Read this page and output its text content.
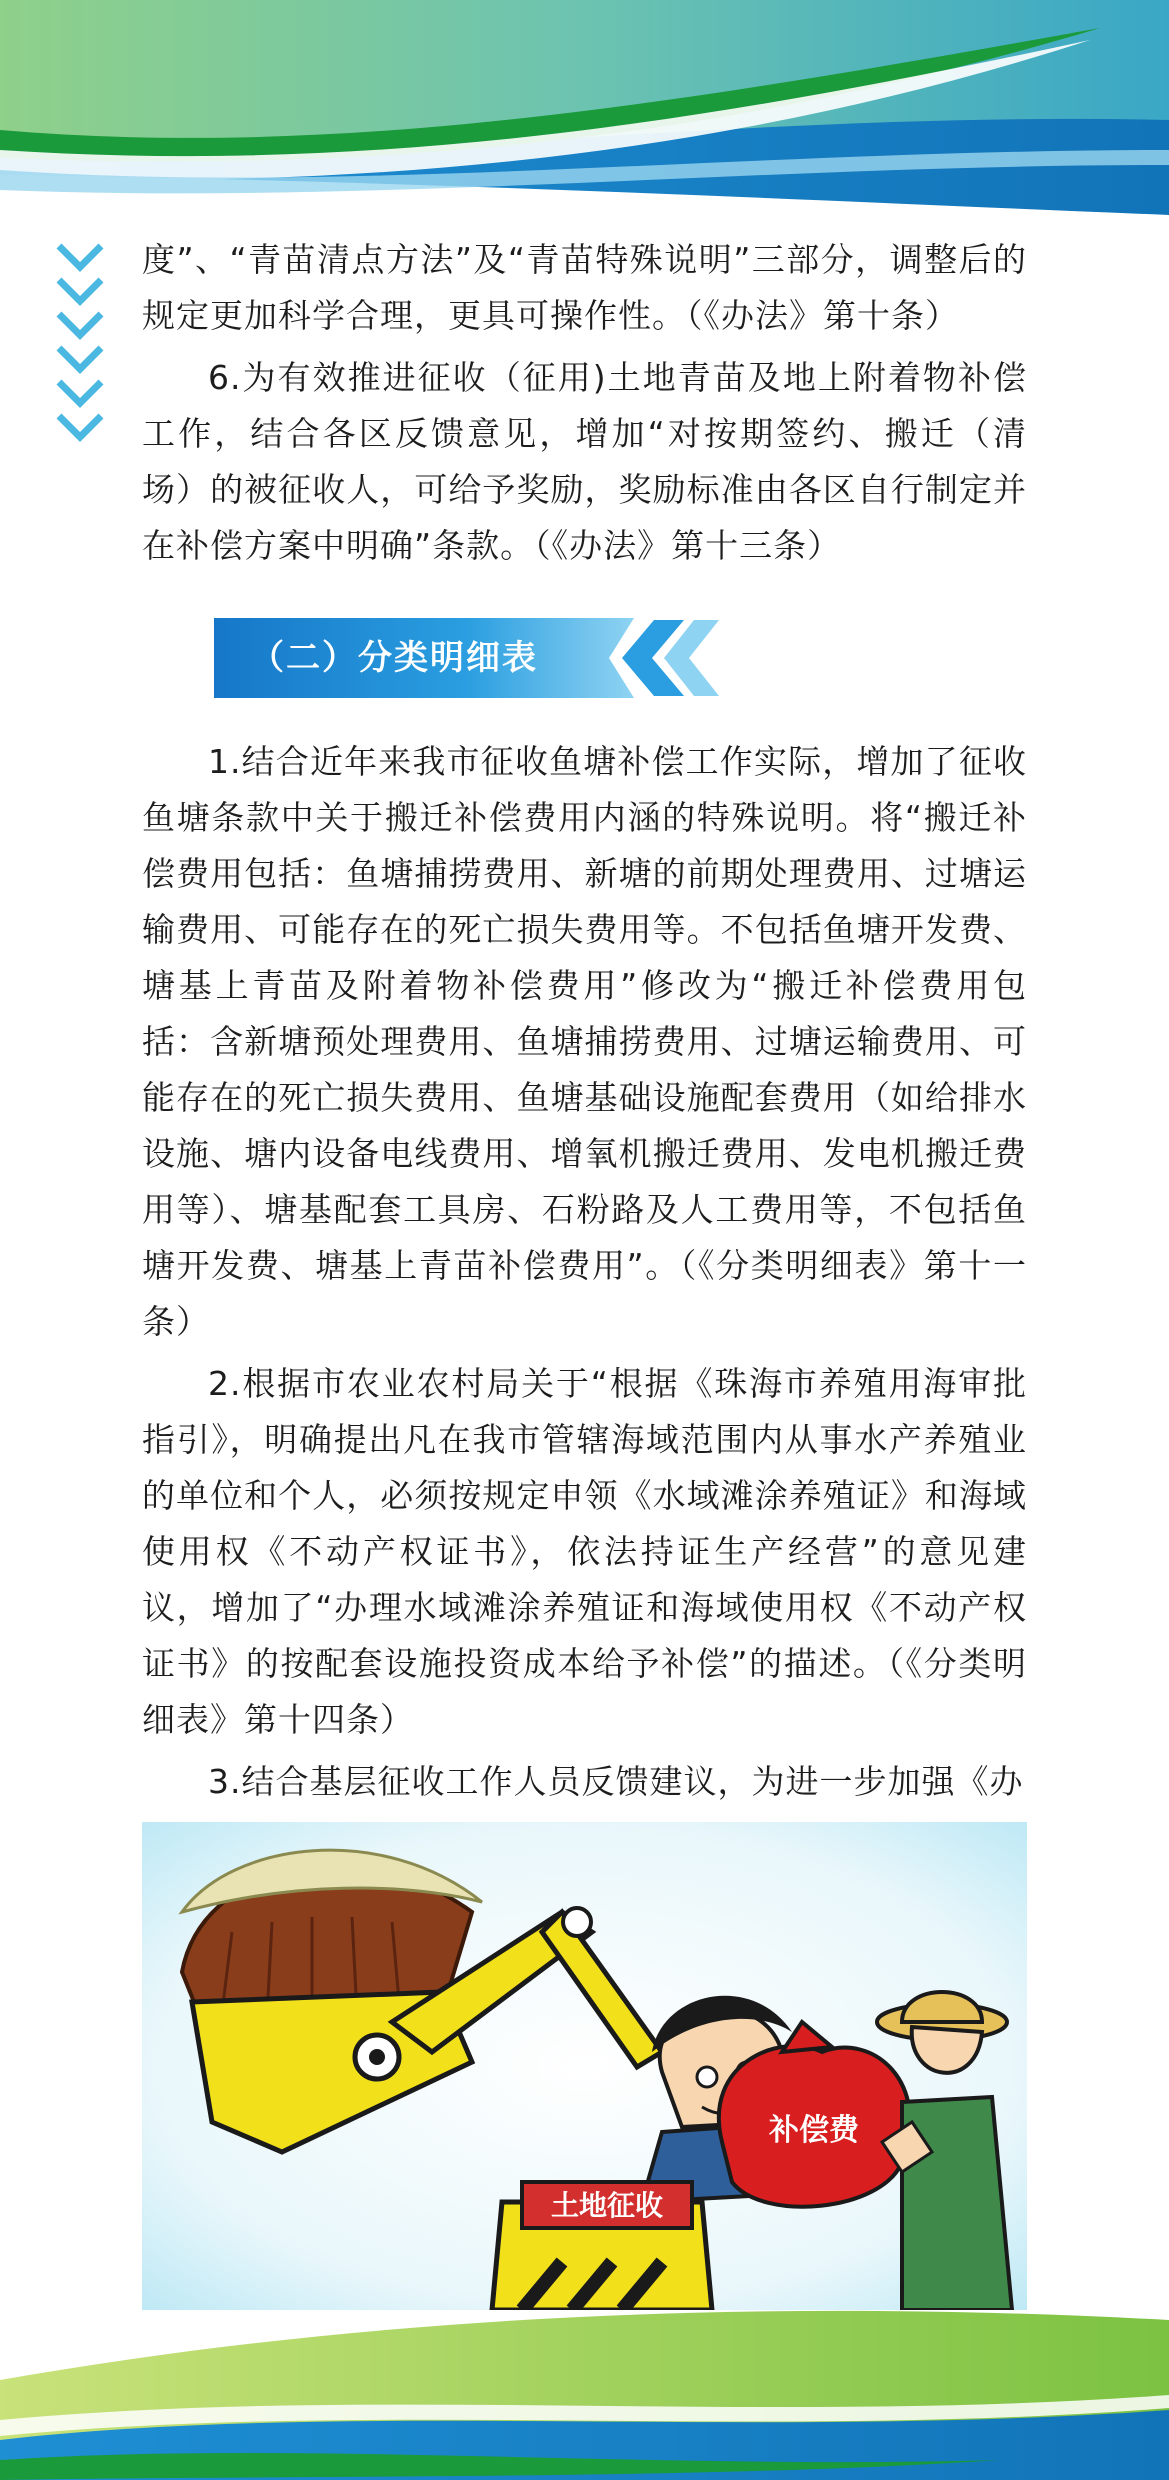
度”、“青苗清点方法”及“青苗特殊说明”三部分，调整后的规定更加科学合理，更具可操作性。（《办法》第十条）

6.为有效推进征收（征用)土地青苗及地上附着物补偿工作，结合各区反馈意见，增加“对按期签约、搬迁（清场）的被征收人，可给予奖励，奖励标准由各区自行制定并在补偿方案中明确”条款。（《办法》第十三条）

（二）分类明细表

1.结合近年来我市征收鱼塘补偿工作实际，增加了征收鱼塘条款中关于搬迁补偿费用内涵的特殊说明。将“搬迁补偿费用包括：鱼塘捕捞费用、新塘的前期处理费用、过塘运输费用、可能存在的死亡损失费用等。不包括鱼塘开发费、塘基上青苗及附着物补偿费用”修改为“搬迁补偿费用包括：含新塘预处理费用、鱼塘捕捞费用、过塘运输费用、可能存在的死亡损失费用、鱼塘基础设施配套费用（如给排水设施、塘内设备电线费用、增氧机搬迁费用、发电机搬迁费用等）、塘基配套工具房、石粉路及人工费用等，不包括鱼塘开发费、塘基上青苗补偿费用”。（《分类明细表》第十一条）

2.根据市农业农村局关于“根据《珠海市养殖用海审批指引》，明确提出凡在我市管辖海域范围内从事水产养殖业的单位和个人，必须按规定申领《水域滩涂养殖证》和海域使用权《不动产权证书》，依法持证生产经营”的意见建议，增加了“办理水域滩涂养殖证和海域使用权《不动产权证书》的按配套设施投资成本给予补偿”的描述。（《分类明细表》第十四条）

3.结合基层征收工作人员反馈建议，为进一步加强《办

土地征收
补偿费
